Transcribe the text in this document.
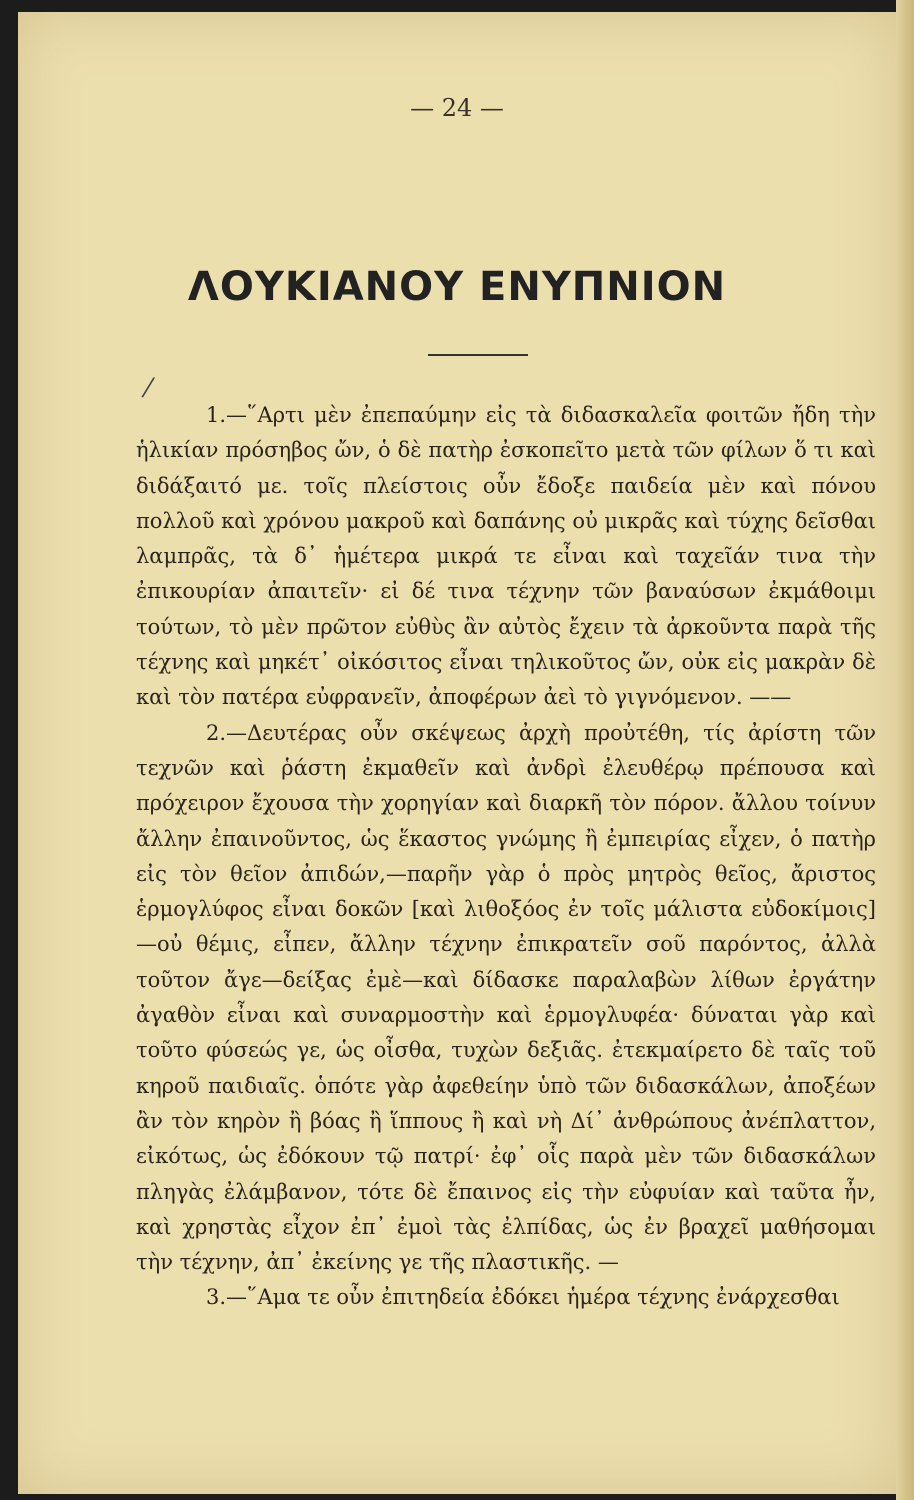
— 24 —
ΛΟΥΚΙΑΝΟΥ ΕΝΥΠΝΙΟΝ
⁄

1.—῞Αρτι μὲν ἐπεπαύμην εἰς τὰ διδασκαλεῖα φοιτῶν ἤδη τὴν ἡλικίαν πρόσηβος ὤν, ὁ δὲ πατὴρ ἐσκοπεῖτο μετὰ τῶν φίλων ὅ τι καὶ διδάξαιτό με. τοῖς πλείστοις οὖν ἔδοξε παιδεία μὲν καὶ πόνου πολλοῦ καὶ χρόνου μακροῦ καὶ δαπάνης οὐ μικρᾶς καὶ τύχης δεῖσθαι λαμπρᾶς, τὰ δ᾽ ἡμέτερα μικρά τε εἶναι καὶ ταχεῖάν τινα τὴν ἐπικουρίαν ἀπαιτεῖν· εἰ δέ τινα τέχνην τῶν βαναύσων ἐκμάθοιμι τούτων, τὸ μὲν πρῶτον εὐθὺς ἂν αὐτὸς ἔχειν τὰ ἀρκοῦντα παρὰ τῆς τέχνης καὶ μηκέτ᾽ οἰκόσιτος εἶναι τηλικοῦτος ὤν, οὐκ εἰς μακρὰν δὲ καὶ τὸν πατέρα εὐφρανεῖν, ἀποφέρων ἀεὶ τὸ γιγνόμενον. ——

2.—Δευτέρας οὖν σκέψεως ἀρχὴ προὐτέθη, τίς ἀρίστη τῶν τεχνῶν καὶ ῥάστη ἐκμαθεῖν καὶ ἀνδρὶ ἐλευθέρῳ πρέπουσα καὶ πρόχειρον ἔχουσα τὴν χορηγίαν καὶ διαρκῆ τὸν πόρον. ἄλλου τοίνυν ἄλλην ἐπαινοῦντος, ὡς ἕκαστος γνώμης ἢ ἐμπειρίας εἶχεν, ὁ πατὴρ εἰς τὸν θεῖον ἀπιδών,—παρῆν γὰρ ὁ πρὸς μητρὸς θεῖος, ἄριστος ἑρμογλύφος εἶναι δοκῶν [καὶ λιθοξόος ἐν τοῖς μάλιστα εὐδοκίμοις]—οὐ θέμις, εἶπεν, ἄλλην τέχνην ἐπικρατεῖν σοῦ παρόντος, ἀλλὰ τοῦτον ἄγε—δείξας ἐμὲ—καὶ δίδασκε παραλαβὼν λίθων ἐργάτην ἀγαθὸν εἶναι καὶ συναρμοστὴν καὶ ἑρμογλυφέα· δύναται γὰρ καὶ τοῦτο φύσεώς γε, ὡς οἶσθα, τυχὼν δεξιᾶς. ἐτεκμαίρετο δὲ ταῖς τοῦ κηροῦ παιδιαῖς. ὁπότε γὰρ ἀφεθείην ὑπὸ τῶν διδασκάλων, ἀποξέων ἂν τὸν κηρὸν ἢ βόας ἢ ἵππους ἢ καὶ νὴ Δί᾽ ἀνθρώπους ἀνέπλαττον, εἰκότως, ὡς ἐδόκουν τῷ πατρί· ἐφ᾽ οἷς παρὰ μὲν τῶν διδασκάλων πληγὰς ἐλάμβανον, τότε δὲ ἔπαινος εἰς τὴν εὐφυίαν καὶ ταῦτα ἦν, καὶ χρηστὰς εἶχον ἐπ᾽ ἐμοὶ τὰς ἐλπίδας, ὡς ἐν βραχεῖ μαθήσομαι τὴν τέχνην, ἀπ᾽ ἐκείνης γε τῆς πλαστικῆς. —

3.—῞Αμα τε οὖν ἐπιτηδεία ἐδόκει ἡμέρα τέχνης ἐνάρχεσθαι
